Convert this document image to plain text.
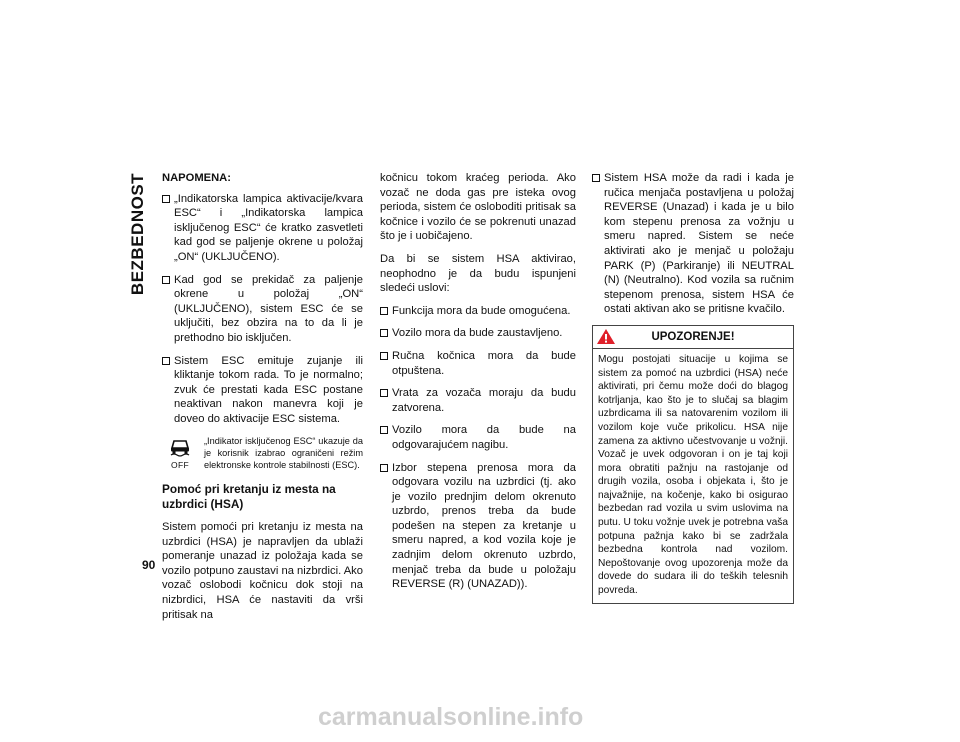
BEZBEDNOST
90
NAPOMENA:
„Indikatorska lampica aktivacije/kvara ESC“ i „Indikatorska lampica isključenog ESC“ će kratko zasvetleti kad god se paljenje okrene u položaj „ON“ (UKLJUČENO).
Kad god se prekidač za paljenje okrene u položaj „ON“ (UKLJUČENO), sistem ESC će se uključiti, bez obzira na to da li je prethodno bio isključen.
Sistem ESC emituje zujanje ili kliktanje tokom rada. To je normalno; zvuk će prestati kada ESC postane neaktivan nakon manevra koji je doveo do aktivacije ESC sistema.
OFF

„Indikator isključenog ESC“ ukazuje da je korisnik izabrao ograničeni režim elektronske kontrole stabilnosti (ESC).

Pomoć pri kretanju iz mesta na uzbrdici (HSA)

Sistem pomoći pri kretanju iz mesta na uzbrdici (HSA) je napravljen da ublaži pomeranje unazad iz položaja kada se vozilo potpuno zaustavi na nizbrdici. Ako vozač oslobodi kočnicu dok stoji na nizbrdici, HSA će nastaviti da vrši pritisak na

kočnicu tokom kraćeg perioda. Ako vozač ne doda gas pre isteka ovog perioda, sistem će osloboditi pritisak sa kočnice i vozilo će se pokrenuti unazad što je i uobičajeno.

Da bi se sistem HSA aktivirao, neophodno je da budu ispunjeni sledeći uslovi:

Funkcija mora da bude omogućena.
Vozilo mora da bude zaustavljeno.
Ručna kočnica mora da bude otpuštena.
Vrata za vozača moraju da budu zatvorena.
Vozilo mora da bude na odgovarajućem nagibu.
Izbor stepena prenosa mora da odgovara vozilu na uzbrdici (tj. ako je vozilo prednjim delom okrenuto uzbrdo, prenos treba da bude podešen na stepen za kretanje u smeru napred, a kod vozila koje je zadnjim delom okrenuto uzbrdo, menjač treba da bude u položaju REVERSE (R) (UNAZAD)).
Sistem HSA može da radi i kada je ručica menjača postavljena u položaj REVERSE (Unazad) i kada je u bilo kom stepenu prenosa za vožnju u smeru napred. Sistem se neće aktivirati ako je menjač u položaju PARK (P) (Parkiranje) ili NEUTRAL (N) (Neutralno). Kod vozila sa ručnim stepenom prenosa, sistem HSA će ostati aktivan ako se pritisne kvačilo.
UPOZORENJE!
Mogu postojati situacije u kojima se sistem za pomoć na uzbrdici (HSA) neće aktivirati, pri čemu može doći do blagog kotrljanja, kao što je to slučaj sa blagim uzbrdicama ili sa natovarenim vozilom ili vozilom koje vuče prikolicu. HSA nije zamena za aktivno učestvovanje u vožnji. Vozač je uvek odgovoran i on je taj koji mora obratiti pažnju na rastojanje od drugih vozila, osoba i objekata i, što je najvažnije, na kočenje, kako bi osigurao bezbedan rad vozila u svim uslovima na putu. U toku vožnje uvek je potrebna vaša potpuna pažnja kako bi se zadržala bezbedna kontrola nad vozilom. Nepoštovanje ovog upozorenja može da dovede do sudara ili do teških telesnih povreda.
carmanualsonline.info
